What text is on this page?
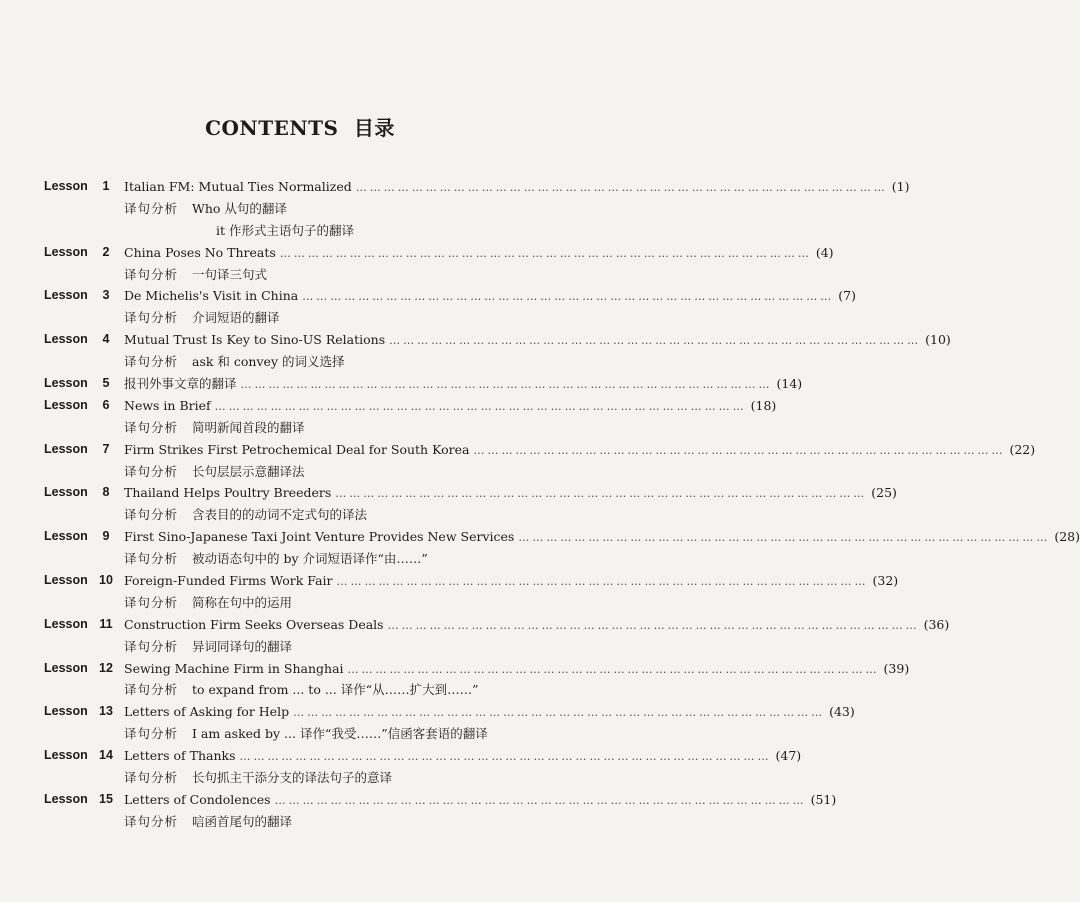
CONTENTS 目录
Lesson	1	Italian FM: Mutual Ties Normalized …………………………………………………………………………………………………… (1)
译句分析 Who 从句的翻译
it 作形式主语句子的翻译
Lesson	2	China Poses No Threats …………………………………………………………………………………………………… (4)
译句分析 一句译三句式
Lesson	3	De Michelis's Visit in China …………………………………………………………………………………………………… (7)
译句分析 介词短语的翻译
Lesson	4	Mutual Trust Is Key to Sino-US Relations …………………………………………………………………………………………………… (10)
译句分析 ask 和 convey 的词义选择
Lesson	5	报刊外事文章的翻译 …………………………………………………………………………………………………… (14)
Lesson	6	News in Brief …………………………………………………………………………………………………… (18)
译句分析 简明新闻首段的翻译
Lesson	7	Firm Strikes First Petrochemical Deal for South Korea …………………………………………………………………………………………………… (22)
译句分析 长句层层示意翻译法
Lesson	8	Thailand Helps Poultry Breeders …………………………………………………………………………………………………… (25)
译句分析 含表目的的动词不定式句的译法
Lesson	9	First Sino-Japanese Taxi Joint Venture Provides New Services …………………………………………………………………………………………………… (28)
译句分析 被动语态句中的 by 介词短语译作“由……”
Lesson 10 Foreign-Funded Firms Work Fair …………………………………………………………………………………………………… (32)
译句分析 简称在句中的运用
Lesson 11 Construction Firm Seeks Overseas Deals …………………………………………………………………………………………………… (36)
译句分析 异词同译句的翻译
Lesson 12 Sewing Machine Firm in Shanghai …………………………………………………………………………………………………… (39)
译句分析 to expand from ... to ... 译作“从……扩大到……”
Lesson 13 Letters of Asking for Help …………………………………………………………………………………………………… (43)
译句分析 I am asked by ... 译作“我受……”信函客套语的翻译
Lesson 14 Letters of Thanks …………………………………………………………………………………………………… (47)
译句分析 长句抓主干添分支的译法句子的意译
Lesson 15 Letters of Condolences …………………………………………………………………………………………………… (51)
译句分析 唁函首尾句的翻译
